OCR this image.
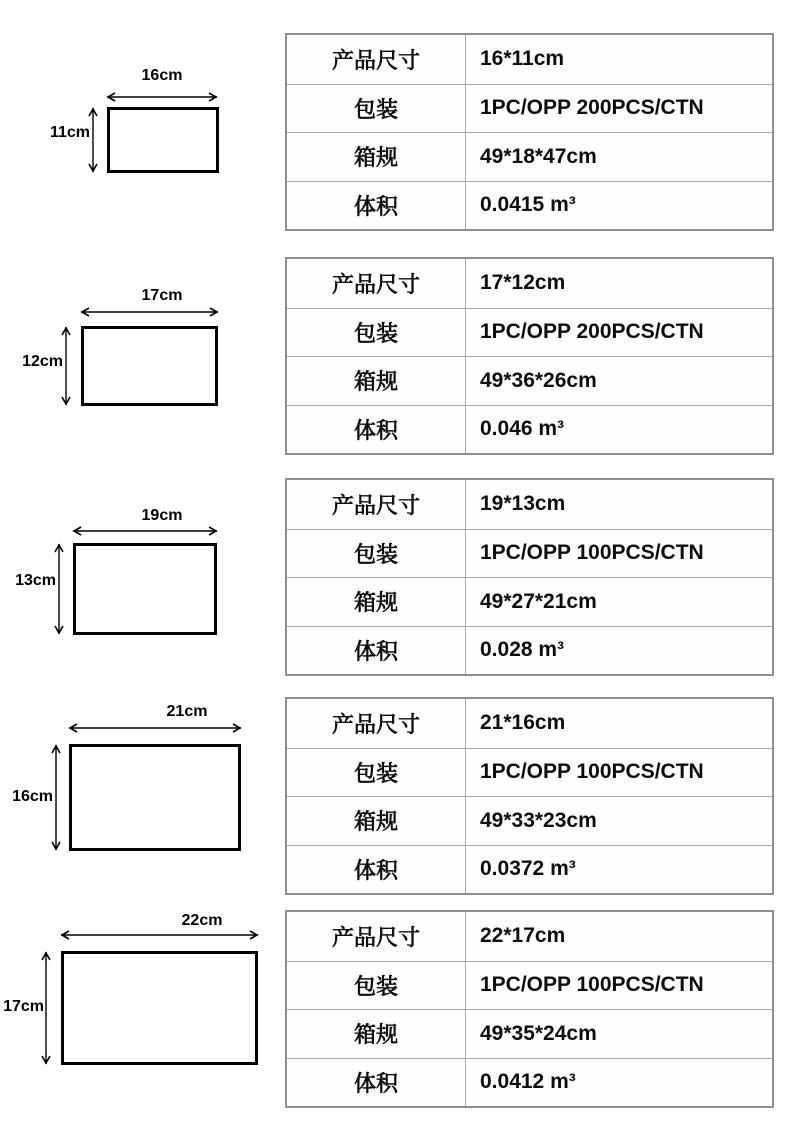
16cm
11cm
产品尺寸	16*11cm
包装	1PC/OPP 200PCS/CTN
箱规	49*18*47cm
体积	0.0415 m³
17cm
12cm
产品尺寸	17*12cm
包装	1PC/OPP 200PCS/CTN
箱规	49*36*26cm
体积	0.046 m³
19cm
13cm
产品尺寸	19*13cm
包装	1PC/OPP 100PCS/CTN
箱规	49*27*21cm
体积	0.028 m³
21cm
16cm
产品尺寸	21*16cm
包装	1PC/OPP 100PCS/CTN
箱规	49*33*23cm
体积	0.0372 m³
22cm
17cm
产品尺寸	22*17cm
包装	1PC/OPP 100PCS/CTN
箱规	49*35*24cm
体积	0.0412 m³
